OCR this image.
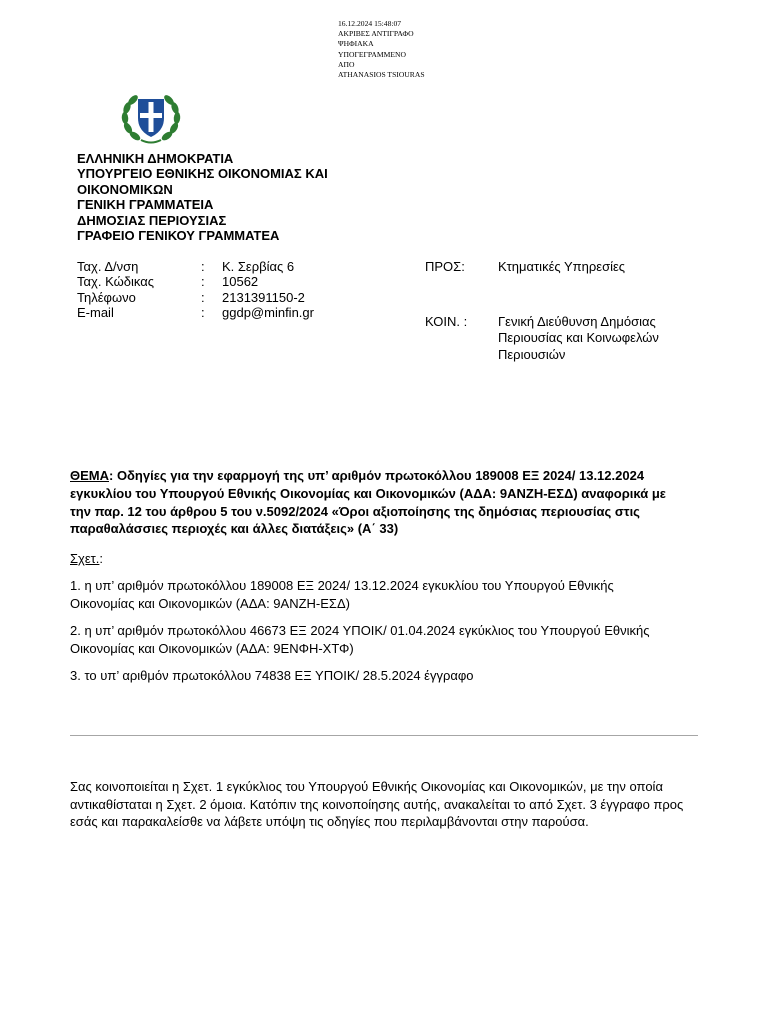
16.12.2024 15:48:07
ΑΚΡΙΒΕΣ ΑΝΤΙΓΡΑΦΟ
ΨΗΦΙΑΚΑ
ΥΠΟΓΕΓΡΑΜΜΕΝΟ
ΑΠΟ
ATHANASIOS TSIOURAS
ΕΛΛΗΝΙΚΗ ΔΗΜΟΚΡΑΤΙΑ
ΥΠΟΥΡΓΕΙΟ ΕΘΝΙΚΗΣ ΟΙΚΟΝΟΜΙΑΣ ΚΑΙ
ΟΙΚΟΝΟΜΙΚΩΝ
ΓΕΝΙΚΗ ΓΡΑΜΜΑΤΕΙΑ
ΔΗΜΟΣΙΑΣ ΠΕΡΙΟΥΣΙΑΣ
ΓΡΑΦΕΙΟ ΓΕΝΙΚΟΥ ΓΡΑΜΜΑΤΕΑ
Ταχ. Δ/νση	:	Κ. Σερβίας 6
Ταχ. Κώδικας	:	10562
Τηλέφωνο	:	2131391150-2
E-mail	:	ggdp@minfin.gr
ΠΡΟΣ:	Κτηματικές Υπηρεσίες
ΚΟΙΝ. :	Γενική Διεύθυνση Δημόσιας Περιουσίας και Κοινωφελών Περιουσιών
ΘΕΜΑ: Οδηγίες για την εφαρμογή της υπ’ αριθμόν πρωτοκόλλου 189008 ΕΞ 2024/ 13.12.2024 εγκυκλίου του Υπουργού Εθνικής Οικονομίας και Οικονομικών (ΑΔΑ: 9ΑΝΖΗ-ΕΣΔ) αναφορικά με την παρ. 12 του άρθρου 5 του ν.5092/2024 «Όροι αξιοποίησης της δημόσιας περιουσίας στις παραθαλάσσιες περιοχές και άλλες διατάξεις» (Α΄ 33)
Σχετ.:
1. η υπ’ αριθμόν πρωτοκόλλου 189008 ΕΞ 2024/ 13.12.2024 εγκυκλίου του Υπουργού Εθνικής Οικονομίας και Οικονομικών (ΑΔΑ: 9ΑΝΖΗ-ΕΣΔ)
2. η υπ’ αριθμόν πρωτοκόλλου 46673 ΕΞ 2024 ΥΠΟΙΚ/ 01.04.2024 εγκύκλιος του Υπουργού Εθνικής Οικονομίας και Οικονομικών (ΑΔΑ: 9ΕΝΦΗ-ΧΤΦ)
3. το υπ’ αριθμόν πρωτοκόλλου 74838 ΕΞ ΥΠΟΙΚ/ 28.5.2024 έγγραφο
Σας κοινοποιείται η Σχετ. 1 εγκύκλιος του Υπουργού Εθνικής Οικονομίας και Οικονομικών, με την οποία αντικαθίσταται η Σχετ. 2 όμοια. Κατόπιν της κοινοποίησης αυτής, ανακαλείται το από Σχετ. 3 έγγραφο προς εσάς και παρακαλείσθε να λάβετε υπόψη τις οδηγίες που περιλαμβάνονται στην παρούσα.
